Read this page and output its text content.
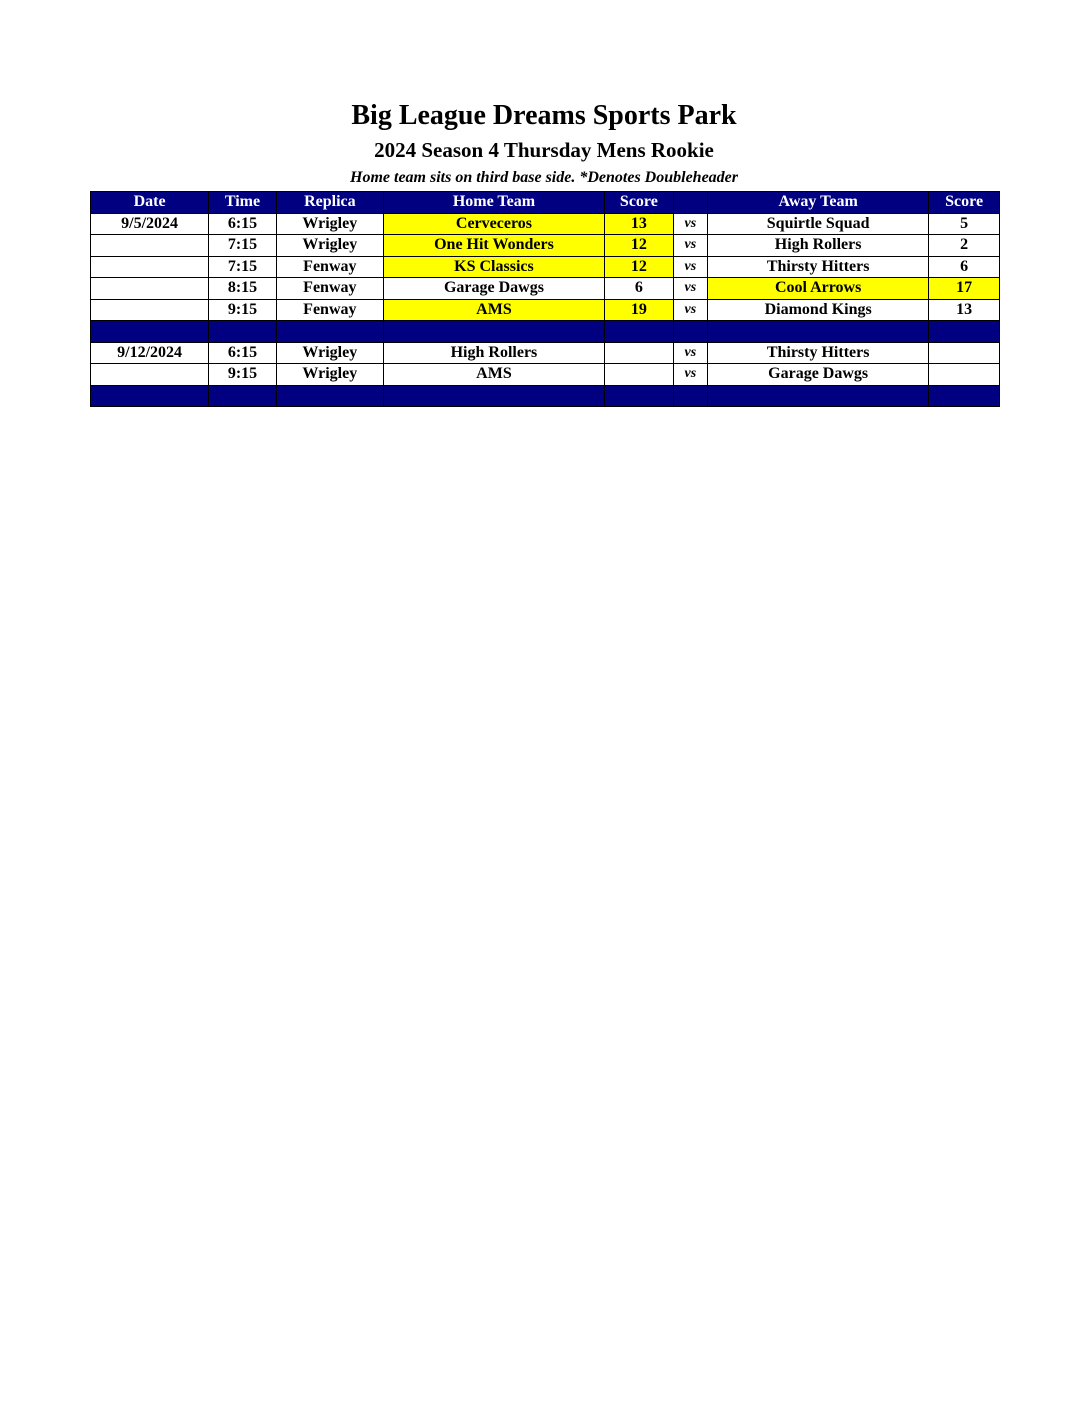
Big League Dreams Sports Park
2024 Season 4 Thursday Mens Rookie
Home team sits on third base side. *Denotes Doubleheader
Date	Time	Replica	Home Team	Score		Away Team	Score
9/5/2024	6:15	Wrigley	Cerveceros	13	vs	Squirtle Squad	5
	7:15	Wrigley	One Hit Wonders	12	vs	High Rollers	2
	7:15	Fenway	KS Classics	12	vs	Thirsty Hitters	6
	8:15	Fenway	Garage Dawgs	6	vs	Cool Arrows	17
	9:15	Fenway	AMS	19	vs	Diamond Kings	13

9/12/2024	6:15	Wrigley	High Rollers		vs	Thirsty Hitters	
	9:15	Wrigley	AMS		vs	Garage Dawgs	
